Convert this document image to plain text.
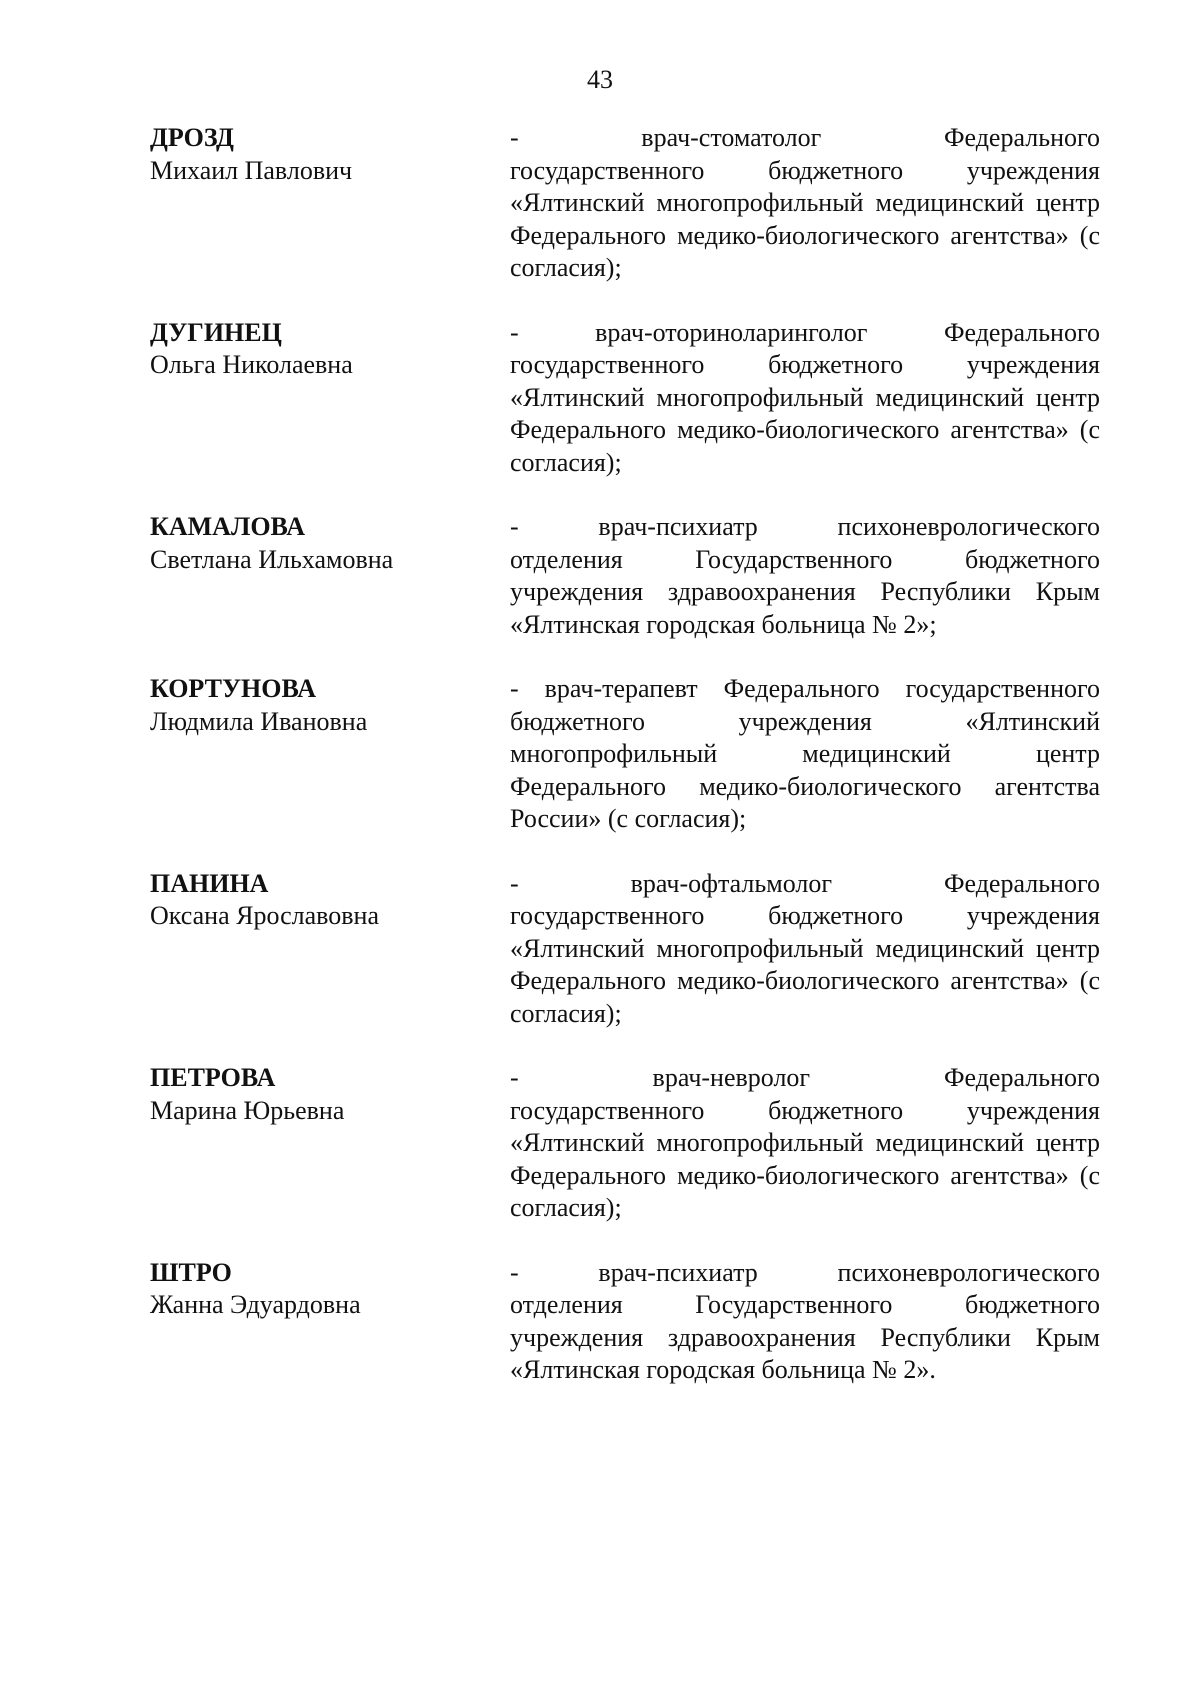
43
ДРОЗД
Михаил Павлович
- врач-стоматолог Федерального
государственного бюджетного учреждения «Ялтинский многопрофильный медицинский центр Федерального медико-биологического агентства» (с согласия);
ДУГИНЕЦ
Ольга Николаевна
- врач-оториноларинголог Федерального
государственного бюджетного учреждения «Ялтинский многопрофильный медицинский центр Федерального медико-биологического агентства» (с согласия);
КАМАЛОВА
Светлана Ильхамовна
- врач-психиатр психоневрологического
отделения Государственного бюджетного учреждения здравоохранения Республики Крым «Ялтинская городская больница № 2»;
КОРТУНОВА
Людмила Ивановна
- врач-терапевт Федерального государственного
бюджетного учреждения «Ялтинский многопрофильный медицинский центр Федерального медико-биологического агентства России» (с согласия);
ПАНИНА
Оксана Ярославовна
- врач-офтальмолог Федерального
государственного бюджетного учреждения «Ялтинский многопрофильный медицинский центр Федерального медико-биологического агентства» (с согласия);
ПЕТРОВА
Марина Юрьевна
- врач-невролог Федерального
государственного бюджетного учреждения «Ялтинский многопрофильный медицинский центр Федерального медико-биологического агентства» (с согласия);
ШТРО
Жанна Эдуардовна
- врач-психиатр психоневрологического
отделения Государственного бюджетного учреждения здравоохранения Республики Крым «Ялтинская городская больница № 2».
